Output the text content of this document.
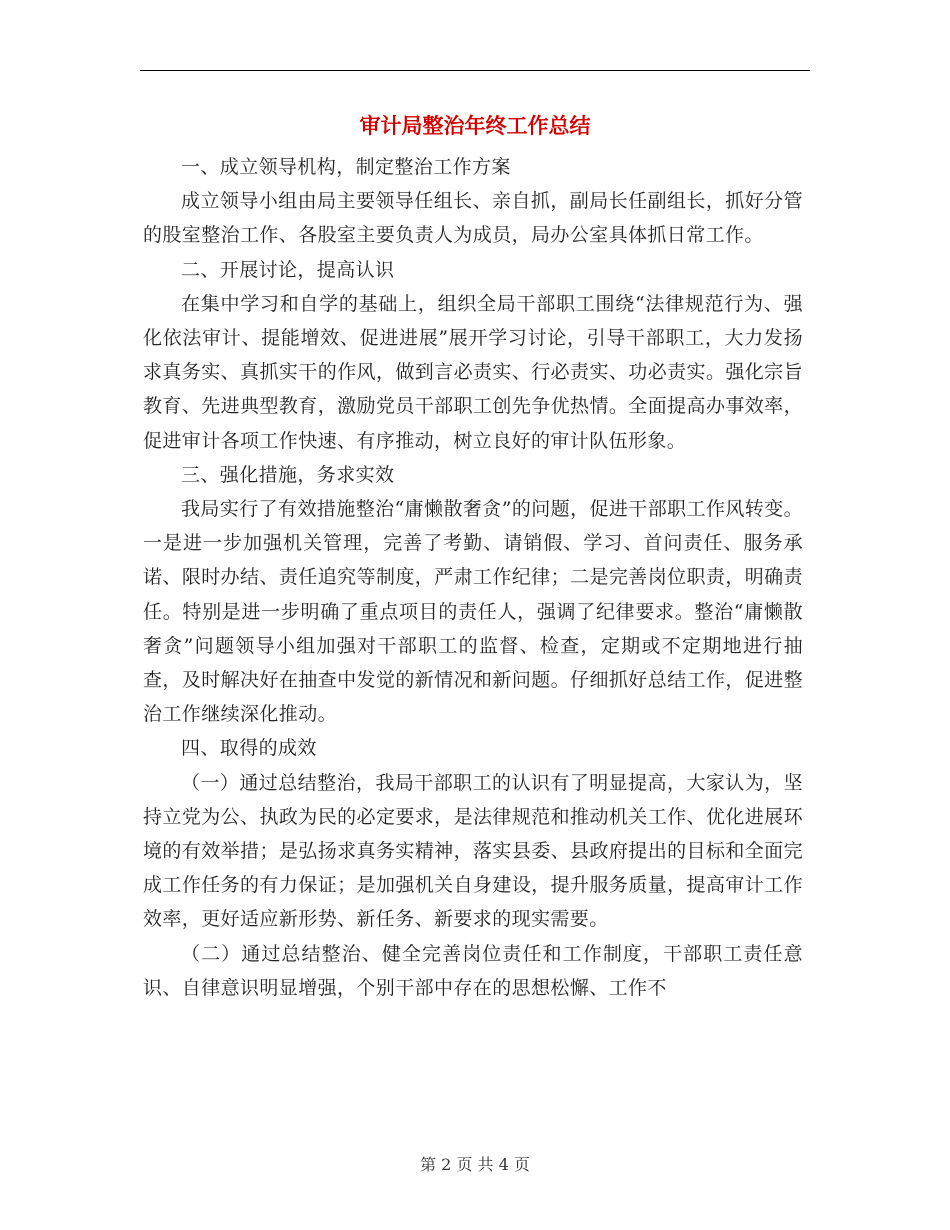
审计局整治年终工作总结

一、成立领导机构，制定整治工作方案

成立领导小组由局主要领导任组长、亲自抓，副局长任副组长，抓好分管的股室整治工作、各股室主要负责人为成员，局办公室具体抓日常工作。

二、开展讨论，提高认识

在集中学习和自学的基础上，组织全局干部职工围绕“法律规范行为、强化依法审计、提能增效、促进进展”展开学习讨论，引导干部职工，大力发扬求真务实、真抓实干的作风，做到言必责实、行必责实、功必责实。强化宗旨教育、先进典型教育，激励党员干部职工创先争优热情。全面提高办事效率，促进审计各项工作快速、有序推动，树立良好的审计队伍形象。

三、强化措施，务求实效

我局实行了有效措施整治“庸懒散奢贪”的问题，促进干部职工作风转变。一是进一步加强机关管理，完善了考勤、请销假、学习、首问责任、服务承诺、限时办结、责任追究等制度，严肃工作纪律；二是完善岗位职责，明确责任。特别是进一步明确了重点项目的责任人，强调了纪律要求。整治“庸懒散奢贪”问题领导小组加强对干部职工的监督、检查，定期或不定期地进行抽查，及时解决好在抽查中发觉的新情况和新问题。仔细抓好总结工作，促进整治工作继续深化推动。

四、取得的成效

（一）通过总结整治，我局干部职工的认识有了明显提高，大家认为，坚持立党为公、执政为民的必定要求，是法律规范和推动机关工作、优化进展环境的有效举措；是弘扬求真务实精神，落实县委、县政府提出的目标和全面完成工作任务的有力保证；是加强机关自身建设，提升服务质量，提高审计工作效率，更好适应新形势、新任务、新要求的现实需要。

（二）通过总结整治、健全完善岗位责任和工作制度，干部职工责任意识、自律意识明显增强，个别干部中存在的思想松懈、工作不

第 2 页 共 4 页
